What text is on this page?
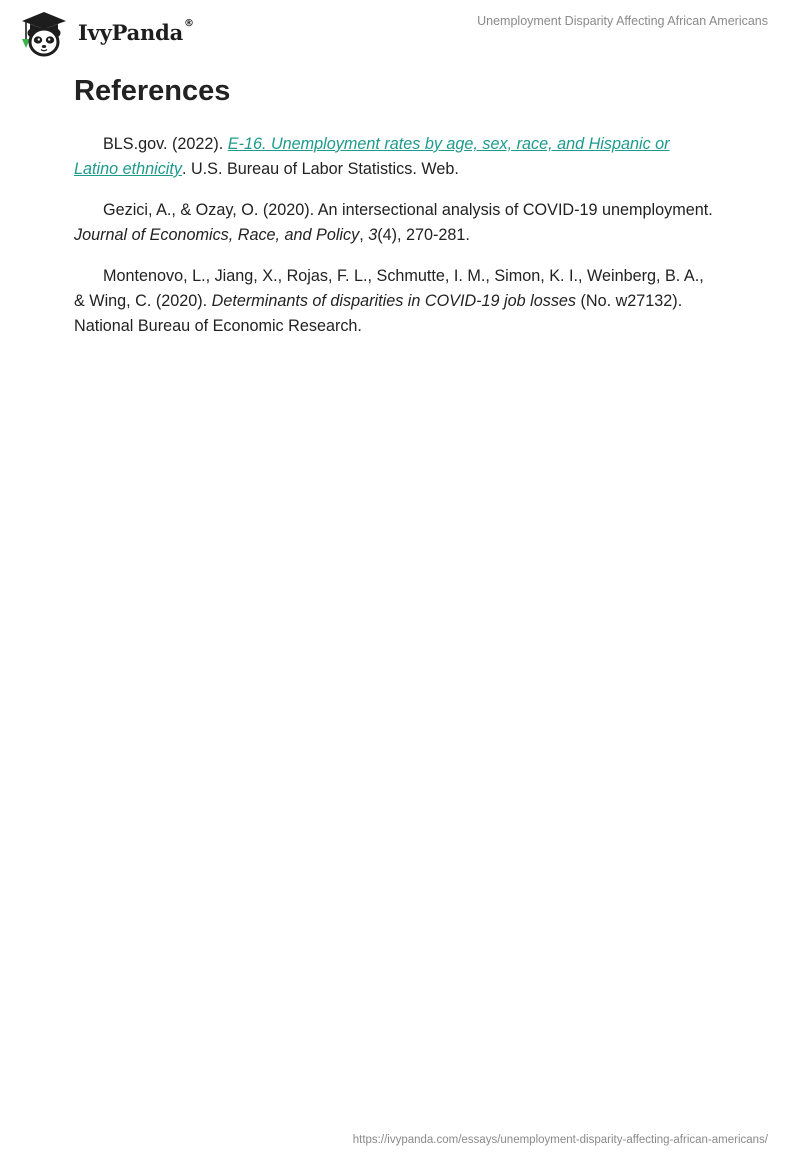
IvyPanda®	Unemployment Disparity Affecting African Americans
References

BLS.gov. (2022). E-16. Unemployment rates by age, sex, race, and Hispanic or Latino ethnicity. U.S. Bureau of Labor Statistics. Web.

Gezici, A., & Ozay, O. (2020). An intersectional analysis of COVID-19 unemployment. Journal of Economics, Race, and Policy, 3(4), 270-281.

Montenovo, L., Jiang, X., Rojas, F. L., Schmutte, I. M., Simon, K. I., Weinberg, B. A., & Wing, C. (2020). Determinants of disparities in COVID-19 job losses (No. w27132). National Bureau of Economic Research.

https://ivypanda.com/essays/unemployment-disparity-affecting-african-americans/
